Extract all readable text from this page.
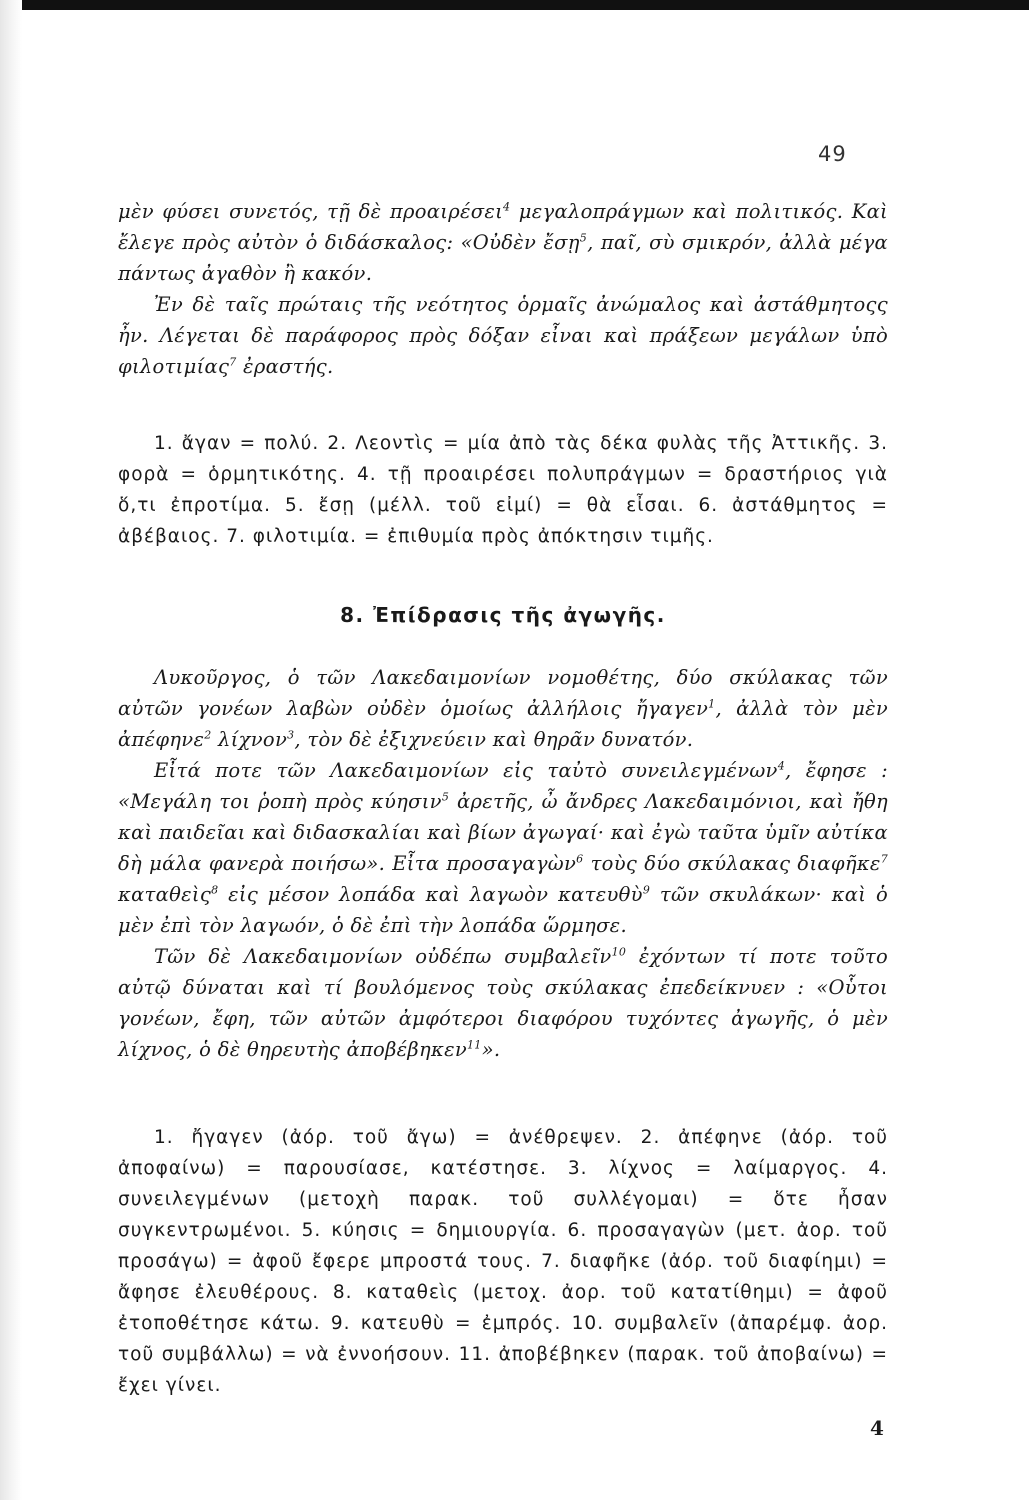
49

μὲν φύσει συνετός, τῇ δὲ προαιρέσει$^4$ μεγαλοπράγμων καὶ πολιτικός. Καὶ ἔλεγε πρὸς αὐτὸν ὁ διδάσκαλος: «Οὐδὲν ἔσῃ$^5$, παῖ, σὺ σμικρόν, ἀλλὰ μέγα πάντως ἀγαθὸν ἢ κακόν.

Ἐν δὲ ταῖς πρώταις τῆς νεότητος ὁρμαῖς ἀνώμαλος καὶ ἀστάθμητοςς ἦν. Λέγεται δὲ παράφορος πρὸς δόξαν εἶναι καὶ πράξεων μεγάλων ὑπὸ φιλοτιμίας$^7$ ἐραστής.

1. ἄγαν = πολύ. 2. Λεοντὶς = μία ἀπὸ τὰς δέκα φυλὰς τῆς Ἀττικῆς. 3. φορὰ = ὁρμητικότης. 4. τῇ προαιρέσει πολυπράγμων = δραστήριος γιὰ ὅ,τι ἐπροτίμα. 5. ἔσῃ (μέλλ. τοῦ εἰμί) = θὰ εἶσαι. 6. ἀστάθμητος = ἀβέβαιος. 7. φιλοτιμία. = ἐπιθυμία πρὸς ἀπόκτησιν τιμῆς.

8. Ἐπίδρασις τῆς ἀγωγῆς.

Λυκοῦργος, ὁ τῶν Λακεδαιμονίων νομοθέτης, δύο σκύλακας τῶν αὐτῶν γονέων λαβὼν οὐδὲν ὁμοίως ἀλλήλοις ἤγαγεν$^1$, ἀλλὰ τὸν μὲν ἀπέφηνε$^2$ λίχνον$^3$, τὸν δὲ ἐξιχνεύειν καὶ θηρᾶν δυνατόν.

Εἶτά ποτε τῶν Λακεδαιμονίων εἰς ταὐτὸ συνειλεγμένων$^4$, ἔφησε : «Μεγάλη τοι ῥοπὴ πρὸς κύησιν$^5$ ἀρετῆς, ὦ ἄνδρες Λακεδαιμόνιοι, καὶ ἤθη καὶ παιδεῖαι καὶ διδασκαλίαι καὶ βίων ἀγωγαί· καὶ ἐγὼ ταῦτα ὑμῖν αὐτίκα δὴ μάλα φανερὰ ποιήσω». Εἶτα προσαγαγὼν$^6$ τοὺς δύο σκύλακας διαφῆκε$^7$ καταθεὶς$^8$ εἰς μέσον λοπάδα καὶ λαγωὸν κατευθὺ$^9$ τῶν σκυλάκων· καὶ ὁ μὲν ἐπὶ τὸν λαγωόν, ὁ δὲ ἐπὶ τὴν λοπάδα ὥρμησε.

Τῶν δὲ Λακεδαιμονίων οὐδέπω συμβαλεῖν$^{10}$ ἐχόντων τί ποτε τοῦτο αὐτῷ δύναται καὶ τί βουλόμενος τοὺς σκύλακας ἐπεδείκνυεν : «Οὗτοι γονέων, ἔφη, τῶν αὐτῶν ἀμφότεροι διαφόρου τυχόντες ἀγωγῆς, ὁ μὲν λίχνος, ὁ δὲ θηρευτὴς ἀποβέβηκεν$^{11}$».

1. ἤγαγεν (ἀόρ. τοῦ ἄγω) = ἀνέθρεψεν. 2. ἀπέφηνε (ἀόρ. τοῦ ἀποφαίνω) = παρουσίασε, κατέστησε. 3. λίχνος = λαίμαργος. 4. συνειλεγμένων (μετοχὴ παρακ. τοῦ συλλέγομαι) = ὅτε ἦσαν συγκεντρωμένοι. 5. κύησις = δημιουργία. 6. προσαγαγὼν (μετ. ἀορ. τοῦ προσάγω) = ἀφοῦ ἔφερε μπροστά τους. 7. διαφῆκε (ἀόρ. τοῦ διαφίημι) = ἄφησε ἐλευθέρους. 8. καταθεὶς (μετοχ. ἀορ. τοῦ κατατίθημι) = ἀφοῦ ἐτοποθέτησε κάτω. 9. κατευθὺ = ἐμπρός. 10. συμβαλεῖν (ἀπαρέμφ. ἀορ. τοῦ συμβάλλω) = νὰ ἐννοήσουν. 11. ἀποβέβηκεν (παρακ. τοῦ ἀποβαίνω) = ἔχει γίνει.

4
